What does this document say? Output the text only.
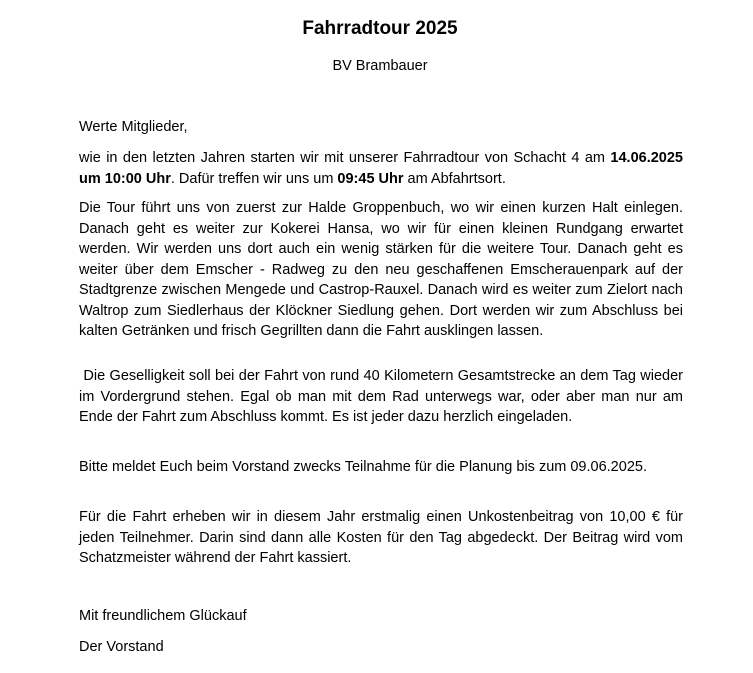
Fahrradtour 2025
BV Brambauer
Werte Mitglieder,
wie in den letzten Jahren starten wir mit unserer Fahrradtour von Schacht 4 am 14.06.2025 um 10:00 Uhr. Dafür treffen wir uns um 09:45 Uhr am Abfahrtsort.
Die Tour führt uns von zuerst zur Halde Groppenbuch, wo wir einen kurzen Halt einlegen. Danach geht es weiter zur Kokerei Hansa, wo wir für einen kleinen Rundgang erwartet werden. Wir werden uns dort auch ein wenig stärken für die weitere Tour. Danach geht es weiter über dem Emscher - Radweg zu den neu geschaffenen Emscherauenpark auf der Stadtgrenze zwischen Mengede und Castrop-Rauxel. Danach wird es weiter zum Zielort nach Waltrop zum Siedlerhaus der Klöckner Siedlung gehen. Dort werden wir zum Abschluss bei kalten Getränken und frisch Gegrillten dann die Fahrt ausklingen lassen.
Die Geselligkeit soll bei der Fahrt von rund 40 Kilometern Gesamtstrecke an dem Tag wieder im Vordergrund stehen. Egal ob man mit dem Rad unterwegs war, oder aber man nur am Ende der Fahrt zum Abschluss kommt. Es ist jeder dazu herzlich eingeladen.
Bitte meldet Euch beim Vorstand zwecks Teilnahme für die Planung bis zum 09.06.2025.
Für die Fahrt erheben wir in diesem Jahr erstmalig einen Unkostenbeitrag von 10,00 € für jeden Teilnehmer. Darin sind dann alle Kosten für den Tag abgedeckt. Der Beitrag wird vom Schatzmeister während der Fahrt kassiert.
Mit freundlichem Glückauf
Der Vorstand
